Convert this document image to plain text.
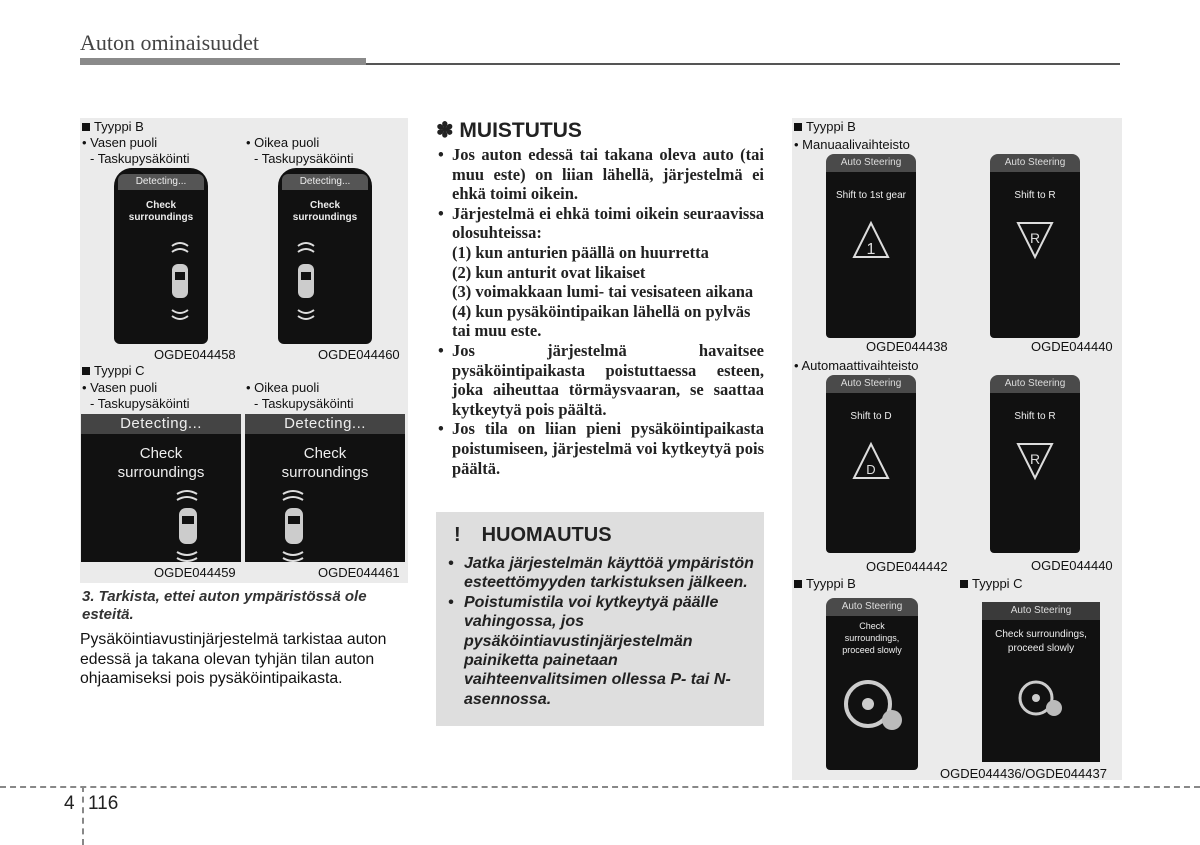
Auton ominaisuudet
Tyyppi B
• Vasen puoli
- Taskupysäköinti
• Oikea puoli
- Taskupysäköinti
Detecting...
Check
surroundings
Detecting...
Check
surroundings
OGDE044458	OGDE044460
Tyyppi C
• Vasen puoli
- Taskupysäköinti
• Oikea puoli
- Taskupysäköinti
Detecting...
Check
surroundings
Detecting...
Check
surroundings
OGDE044459	OGDE044461
3. Tarkista, ettei auton ympäristössä ole esteitä.
Pysäköintiavustinjärjestelmä tarkistaa auton edessä ja takana olevan tyhjän tilan auton ohjaamiseksi pois pysäköintipaikasta.
✽ MUISTUTUS
• Jos auton edessä tai takana oleva auto (tai muu este) on liian lähellä, järjestelmä ei ehkä toimi oikein.
• Järjestelmä ei ehkä toimi oikein seuraavissa olosuhteissa:
(1) kun anturien päällä on huurretta
(2) kun anturit ovat likaiset
(3) voimakkaan lumi- tai vesisateen aikana
(4) kun pysäköintipaikan lähellä on pylväs tai muu este.
• Jos järjestelmä havaitsee pysäköintipaikasta poistuttaessa esteen, joka aiheuttaa törmäysvaaran, se saattaa kytkeytyä pois päältä.
• Jos tila on liian pieni pysäköintipaikasta poistumiseen, järjestelmä voi kytkeytyä pois päältä.
! HUOMAUTUS
• Jatka järjestelmän käyttöä ympäristön esteettömyyden tarkistuksen jälkeen.
• Poistumistila voi kytkeytyä päälle vahingossa, jos pysäköintiavustinjärjestelmän painiketta painetaan vaihteenvalitsimen ollessa P- tai N-asennossa.
Tyyppi B
• Manuaalivaihteisto
Auto Steering
Shift to 1st gear
1
Auto Steering
Shift to R
R
OGDE044438	OGDE044440
• Automaattivaihteisto
Auto Steering
Shift to D
D
Auto Steering
Shift to R
R
OGDE044442	OGDE044440
Tyyppi B	Tyyppi C
Auto Steering
Check
surroundings,
proceed slowly
Auto Steering
Check surroundings,
proceed slowly
OGDE044436/OGDE044437
4 116
